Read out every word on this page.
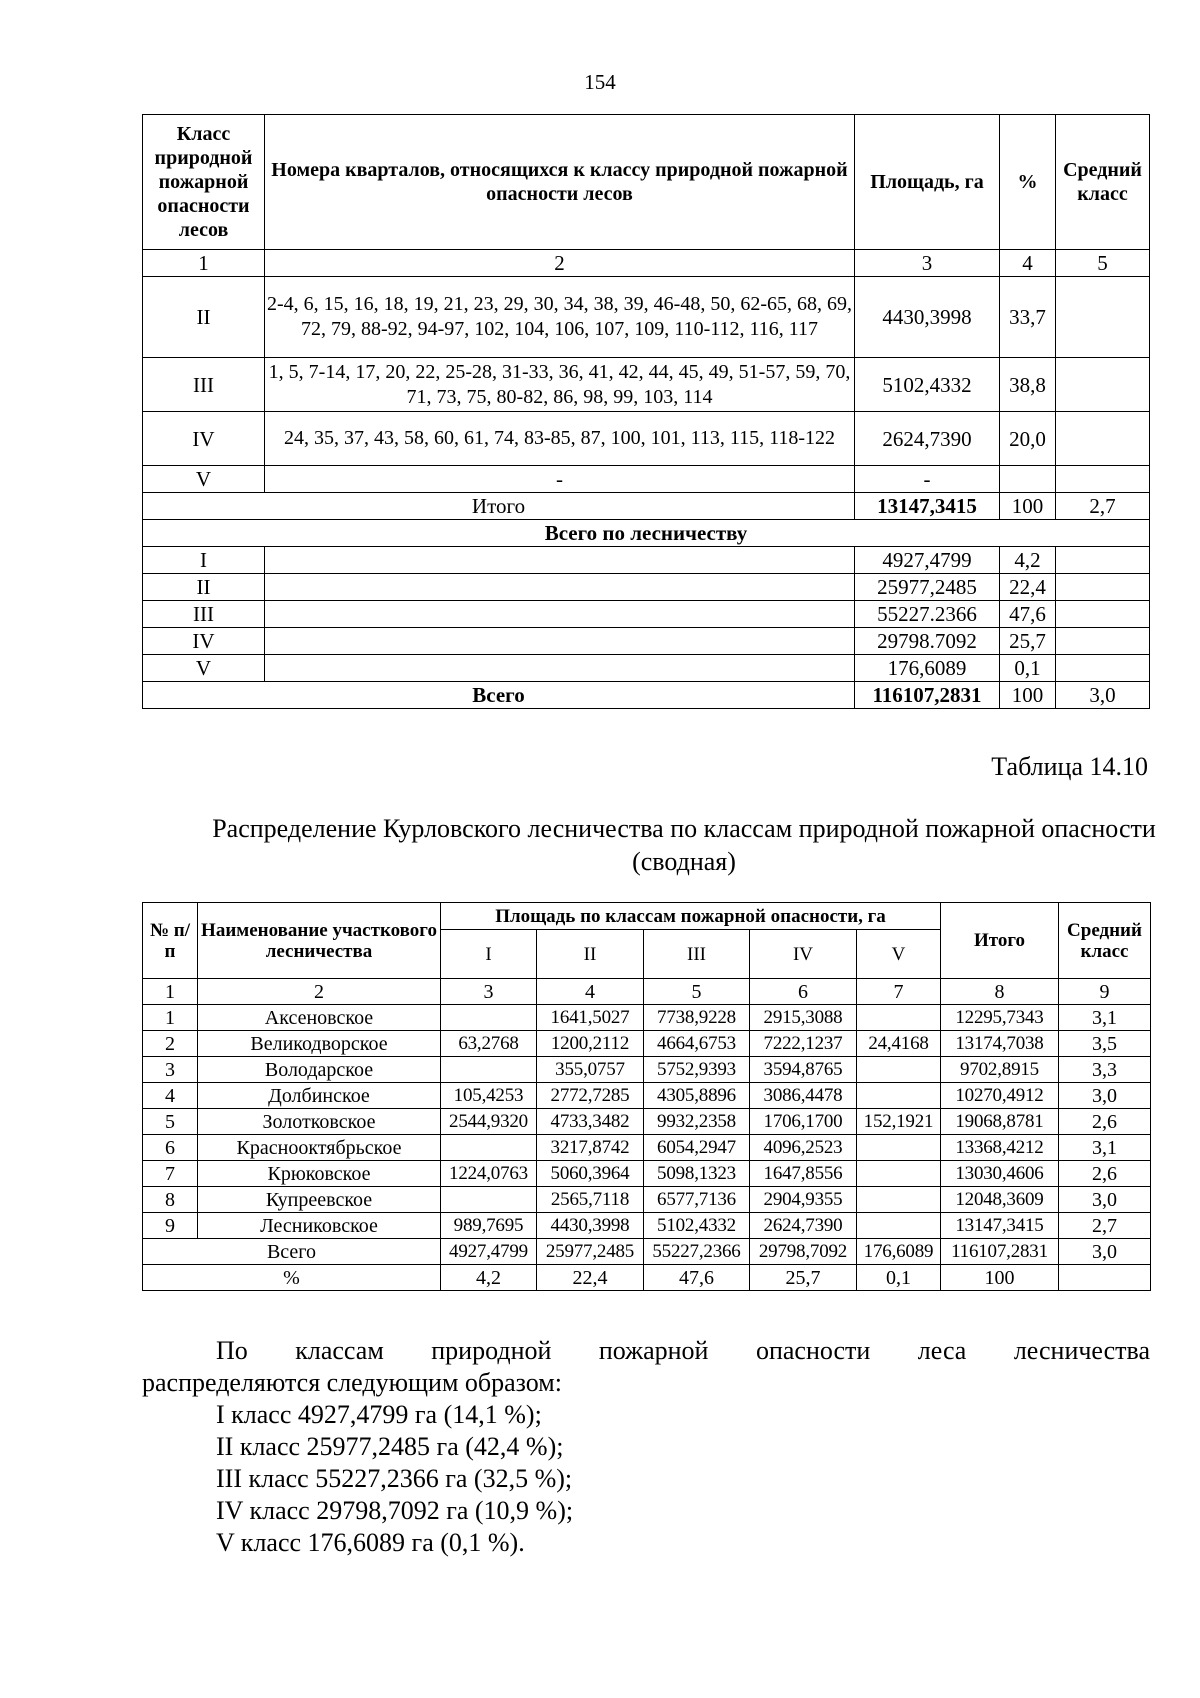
154
Класс природной пожарной опасности лесов	Номера кварталов, относящихся к классу природной пожарной опасности лесов	Площадь, га	%	Средний класс
1	2	3	4	5
II	2-4, 6, 15, 16, 18, 19, 21, 23, 29, 30, 34, 38, 39, 46-48, 50, 62-65, 68, 69, 72, 79, 88-92, 94-97, 102, 104, 106, 107, 109, 110-112, 116, 117	4430,3998	33,7	
III	1, 5, 7-14, 17, 20, 22, 25-28, 31-33, 36, 41, 42, 44, 45, 49, 51-57, 59, 70, 71, 73, 75, 80-82, 86, 98, 99, 103, 114	5102,4332	38,8	
IV	24, 35, 37, 43, 58, 60, 61, 74, 83-85, 87, 100, 101, 113, 115, 118-122	2624,7390	20,0	
V	-	-		
Итого		13147,3415	100	2,7
Всего по лесничеству				
I		4927,4799	4,2	
II		25977,2485	22,4	
III		55227.2366	47,6	
IV		29798.7092	25,7	
V		176,6089	0,1	
Всего		116107,2831	100	3,0
Таблица 14.10
Распределение Курловского лесничества по классам природной пожарной опасности (сводная)
№ п/п	Наименование участкового лесничества	Площадь по классам пожарной опасности, га					Итого	Средний класс
		I	II	III	IV	V		
1	2	3	4	5	6	7	8	9
1	Аксеновское		1641,5027	7738,9228	2915,3088		12295,7343	3,1
2	Великодворское	63,2768	1200,2112	4664,6753	7222,1237	24,4168	13174,7038	3,5
3	Володарское		355,0757	5752,9393	3594,8765		9702,8915	3,3
4	Долбинское	105,4253	2772,7285	4305,8896	3086,4478		10270,4912	3,0
5	Золотковское	2544,9320	4733,3482	9932,2358	1706,1700	152,1921	19068,8781	2,6
6	Краснооктябрьское		3217,8742	6054,2947	4096,2523		13368,4212	3,1
7	Крюковское	1224,0763	5060,3964	5098,1323	1647,8556		13030,4606	2,6
8	Купреевское		2565,7118	6577,7136	2904,9355		12048,3609	3,0
9	Лесниковское	989,7695	4430,3998	5102,4332	2624,7390		13147,3415	2,7
Всего		4927,4799	25977,2485	55227,2366	29798,7092	176,6089	116107,2831	3,0
%		4,2	22,4	47,6	25,7	0,1	100	
По классам природной пожарной опасности леса лесничества
распределяются следующим образом:
I класс 4927,4799 га (14,1 %);
II класс 25977,2485 га (42,4 %);
III класс 55227,2366 га (32,5 %);
IV класс 29798,7092 га (10,9 %);
V класс 176,6089 га (0,1 %).
